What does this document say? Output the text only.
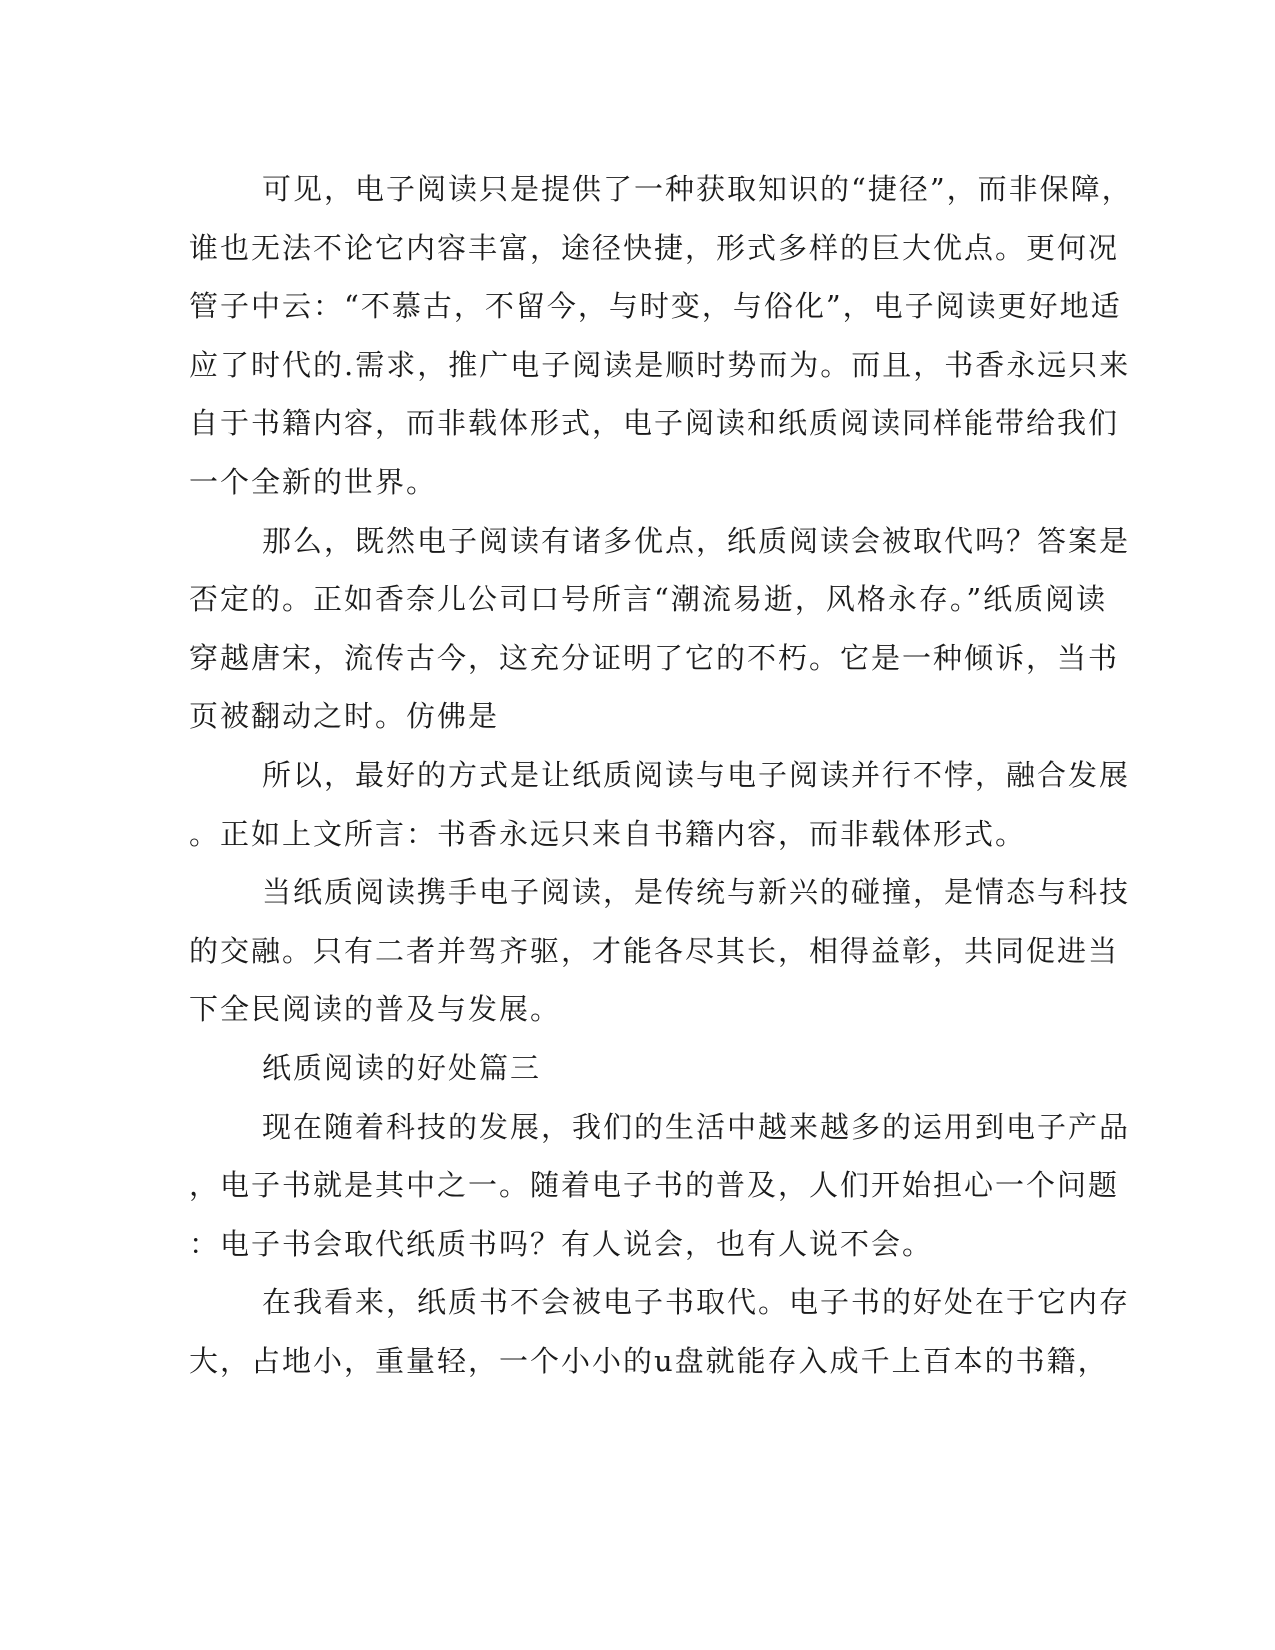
可见，电子阅读只是提供了一种获取知识的“捷径”，而非保障，
谁也无法不论它内容丰富，途径快捷，形式多样的巨大优点。更何况
管子中云：“不慕古，不留今，与时变，与俗化”，电子阅读更好地适
应了时代的.需求，推广电子阅读是顺时势而为。而且，书香永远只来
自于书籍内容，而非载体形式，电子阅读和纸质阅读同样能带给我们
一个全新的世界。
那么，既然电子阅读有诸多优点，纸质阅读会被取代吗？答案是
否定的。正如香奈儿公司口号所言“潮流易逝，风格永存。”纸质阅读
穿越唐宋，流传古今，这充分证明了它的不朽。它是一种倾诉，当书
页被翻动之时。仿佛是
所以，最好的方式是让纸质阅读与电子阅读并行不悖，融合发展
。正如上文所言：书香永远只来自书籍内容，而非载体形式。
当纸质阅读携手电子阅读，是传统与新兴的碰撞，是情态与科技
的交融。只有二者并驾齐驱，才能各尽其长，相得益彰，共同促进当
下全民阅读的普及与发展。
纸质阅读的好处篇三
现在随着科技的发展，我们的生活中越来越多的运用到电子产品
，电子书就是其中之一。随着电子书的普及，人们开始担心一个问题
：电子书会取代纸质书吗？有人说会，也有人说不会。
在我看来，纸质书不会被电子书取代。电子书的好处在于它内存
大，占地小，重量轻，一个小小的u盘就能存入成千上百本的书籍，
